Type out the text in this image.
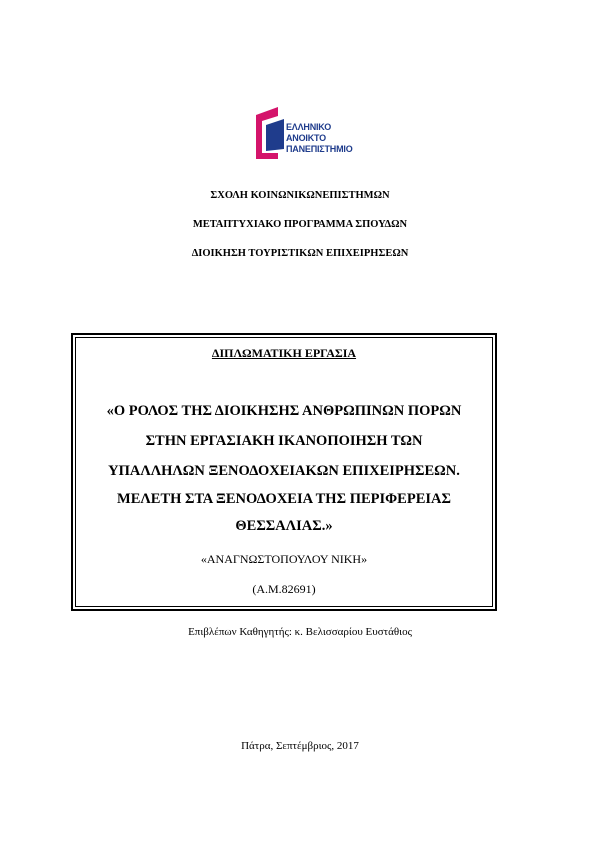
ΕΛΛΗΝΙΚΟ
ΑΝΟΙΚΤΟ
ΠΑΝΕΠΙΣΤΗΜΙΟ
ΣΧΟΛΗ ΚΟΙΝΩΝΙΚΩΝΕΠΙΣΤΗΜΩΝ
ΜΕΤΑΠΤΥΧΙΑΚΟ ΠΡΟΓΡΑΜΜΑ ΣΠΟΥΔΩΝ
ΔΙΟΙΚΗΣΗ ΤΟΥΡΙΣΤΙΚΩΝ ΕΠΙΧΕΙΡΗΣΕΩΝ
ΔΙΠΛΩΜΑΤΙΚΗ ΕΡΓΑΣΙΑ
«Ο ΡΟΛΟΣ ΤΗΣ ΔΙΟΙΚΗΣΗΣ ΑΝΘΡΩΠΙΝΩΝ ΠΟΡΩΝ
ΣΤΗΝ ΕΡΓΑΣΙΑΚΗ ΙΚΑΝΟΠΟΙΗΣΗ ΤΩΝ
ΥΠΑΛΛΗΛΩΝ ΞΕΝΟΔΟΧΕΙΑΚΩΝ ΕΠΙΧΕΙΡΗΣΕΩΝ.
ΜΕΛΕΤΗ ΣΤΑ ΞΕΝΟΔΟΧΕΙΑ ΤΗΣ ΠΕΡΙΦΕΡΕΙΑΣ
ΘΕΣΣΑΛΙΑΣ.»
«ΑΝΑΓΝΩΣΤΟΠΟΥΛΟΥ ΝΙΚΗ»
(Α.Μ.82691)
Επιβλέπων Καθηγητής: κ. Βελισσαρίου Ευστάθιος
Πάτρα, Σεπτέμβριος, 2017
